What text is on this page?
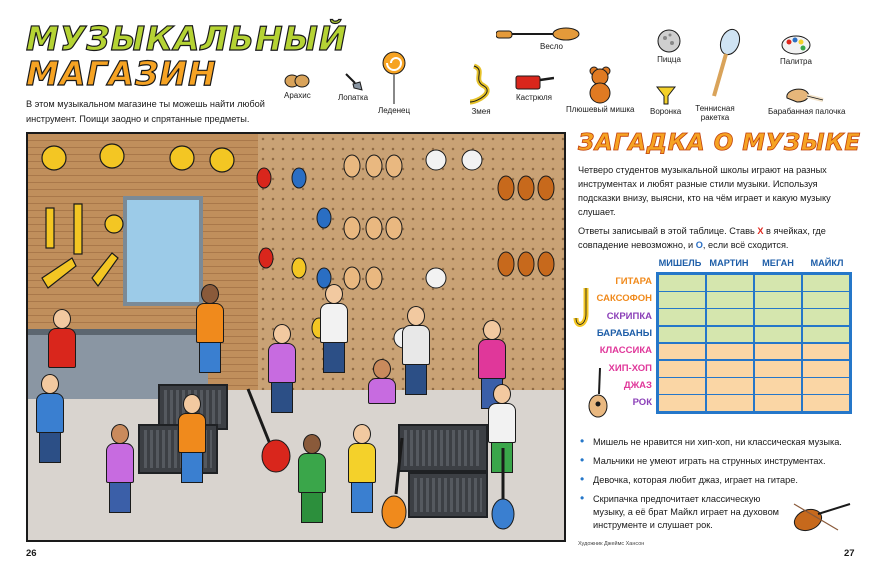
МУЗЫКАЛЬНЫЙ
МАГАЗИН
В этом музыкальном магазине ты можешь найти любой инструмент. Поищи заодно и спрятанные предметы.
Арахис	Лопатка
Леденец	Змея
Весло
Кастрюля
Плюшевый мишка
Пицца
Воронка Теннисная ракетка
Палитра
Барабанная палочка
ЗАГАДКА О МУЗЫКЕ
Четверо студентов музыкальной школы играют на разных инструментах и любят разные стили музыки. Используя подсказки внизу, выясни, кто на чём играет и какую музыку слушает.
Ответы записывай в этой таблице. Ставь X в ячейках, где совпадение невозможно, и O, если всё сходится.
МИШЕЛЬ МАРТИН	МЕГАН	МАЙКЛ
ГИТАРА
САКСОФОН
СКРИПКА
БАРАБАНЫ
КЛАССИКА
ХИП-ХОП
ДЖАЗ
РОК
• Мишель не нравится ни хип-хоп, ни классическая музыка.
• Мальчики не умеют играть на струнных инструментах.
• Девочка, которая любит джаз, играет на гитаре.
• Скрипачка предпочитает классическую музыку, а её брат Майкл играет на духовом инструменте и слушает рок.
26
Художник Джеймс Хансон
27
